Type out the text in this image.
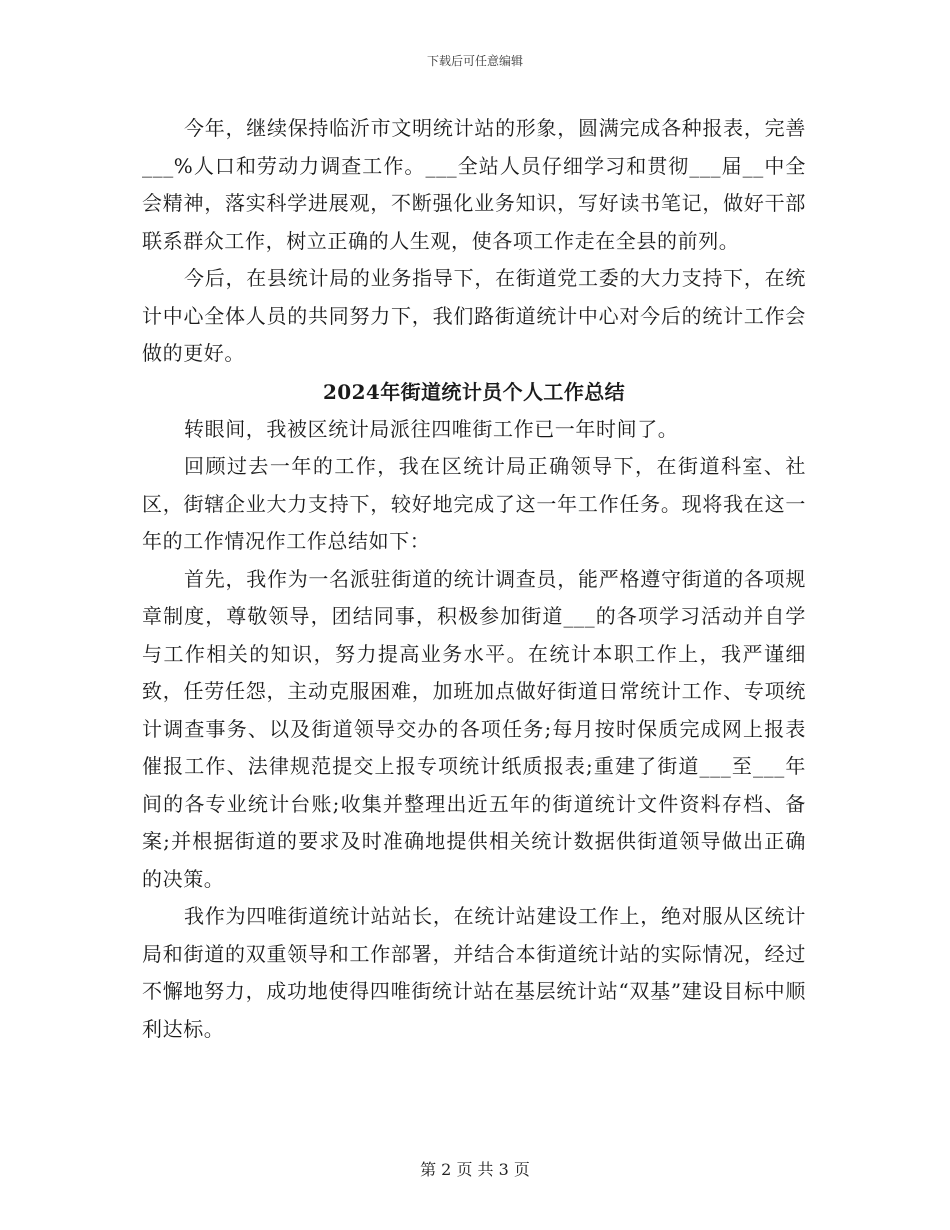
下载后可任意编辑

今年，继续保持临沂市文明统计站的形象，圆满完成各种报表，完善___%人口和劳动力调查工作。___全站人员仔细学习和贯彻___届__中全会精神，落实科学进展观，不断强化业务知识，写好读书笔记，做好干部联系群众工作，树立正确的人生观，使各项工作走在全县的前列。

今后，在县统计局的业务指导下，在街道党工委的大力支持下，在统计中心全体人员的共同努力下，我们路街道统计中心对今后的统计工作会做的更好。

2024年街道统计员个人工作总结

转眼间，我被区统计局派往四唯街工作已一年时间了。

回顾过去一年的工作，我在区统计局正确领导下，在街道科室、社区，街辖企业大力支持下，较好地完成了这一年工作任务。现将我在这一年的工作情况作工作总结如下：

首先，我作为一名派驻街道的统计调查员，能严格遵守街道的各项规章制度，尊敬领导，团结同事，积极参加街道___的各项学习活动并自学与工作相关的知识，努力提高业务水平。在统计本职工作上，我严谨细致，任劳任怨，主动克服困难，加班加点做好街道日常统计工作、专项统计调查事务、以及街道领导交办的各项任务;每月按时保质完成网上报表催报工作、法律规范提交上报专项统计纸质报表;重建了街道___至___年间的各专业统计台账;收集并整理出近五年的街道统计文件资料存档、备案;并根据街道的要求及时准确地提供相关统计数据供街道领导做出正确的决策。

我作为四唯街道统计站站长，在统计站建设工作上，绝对服从区统计局和街道的双重领导和工作部署，并结合本街道统计站的实际情况，经过不懈地努力，成功地使得四唯街统计站在基层统计站“双基”建设目标中顺利达标。

第 2 页 共 3 页
